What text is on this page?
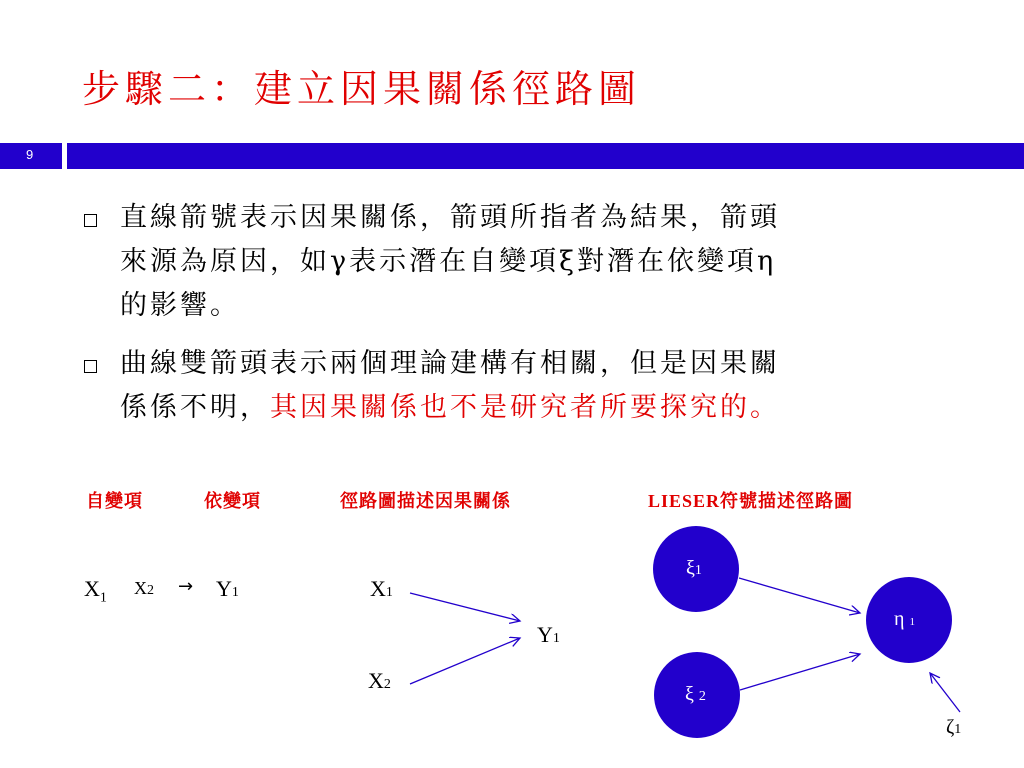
步驟二：建立因果關係徑路圖
9
直線箭號表示因果關係，箭頭所指者為結果，箭頭
來源為原因，如γ表示潛在自變項ξ對潛在依變項η
的影響。
曲線雙箭頭表示兩個理論建構有相關，但是因果關
係係不明，其因果關係也不是研究者所要探究的。
自變項	依變項	徑路圖描述因果關係	LIESER符號描述徑路圖
$X_1$ X2 → Y1	X1
Y1
X2
ξ1
ξ 2
η 1
ζ1
